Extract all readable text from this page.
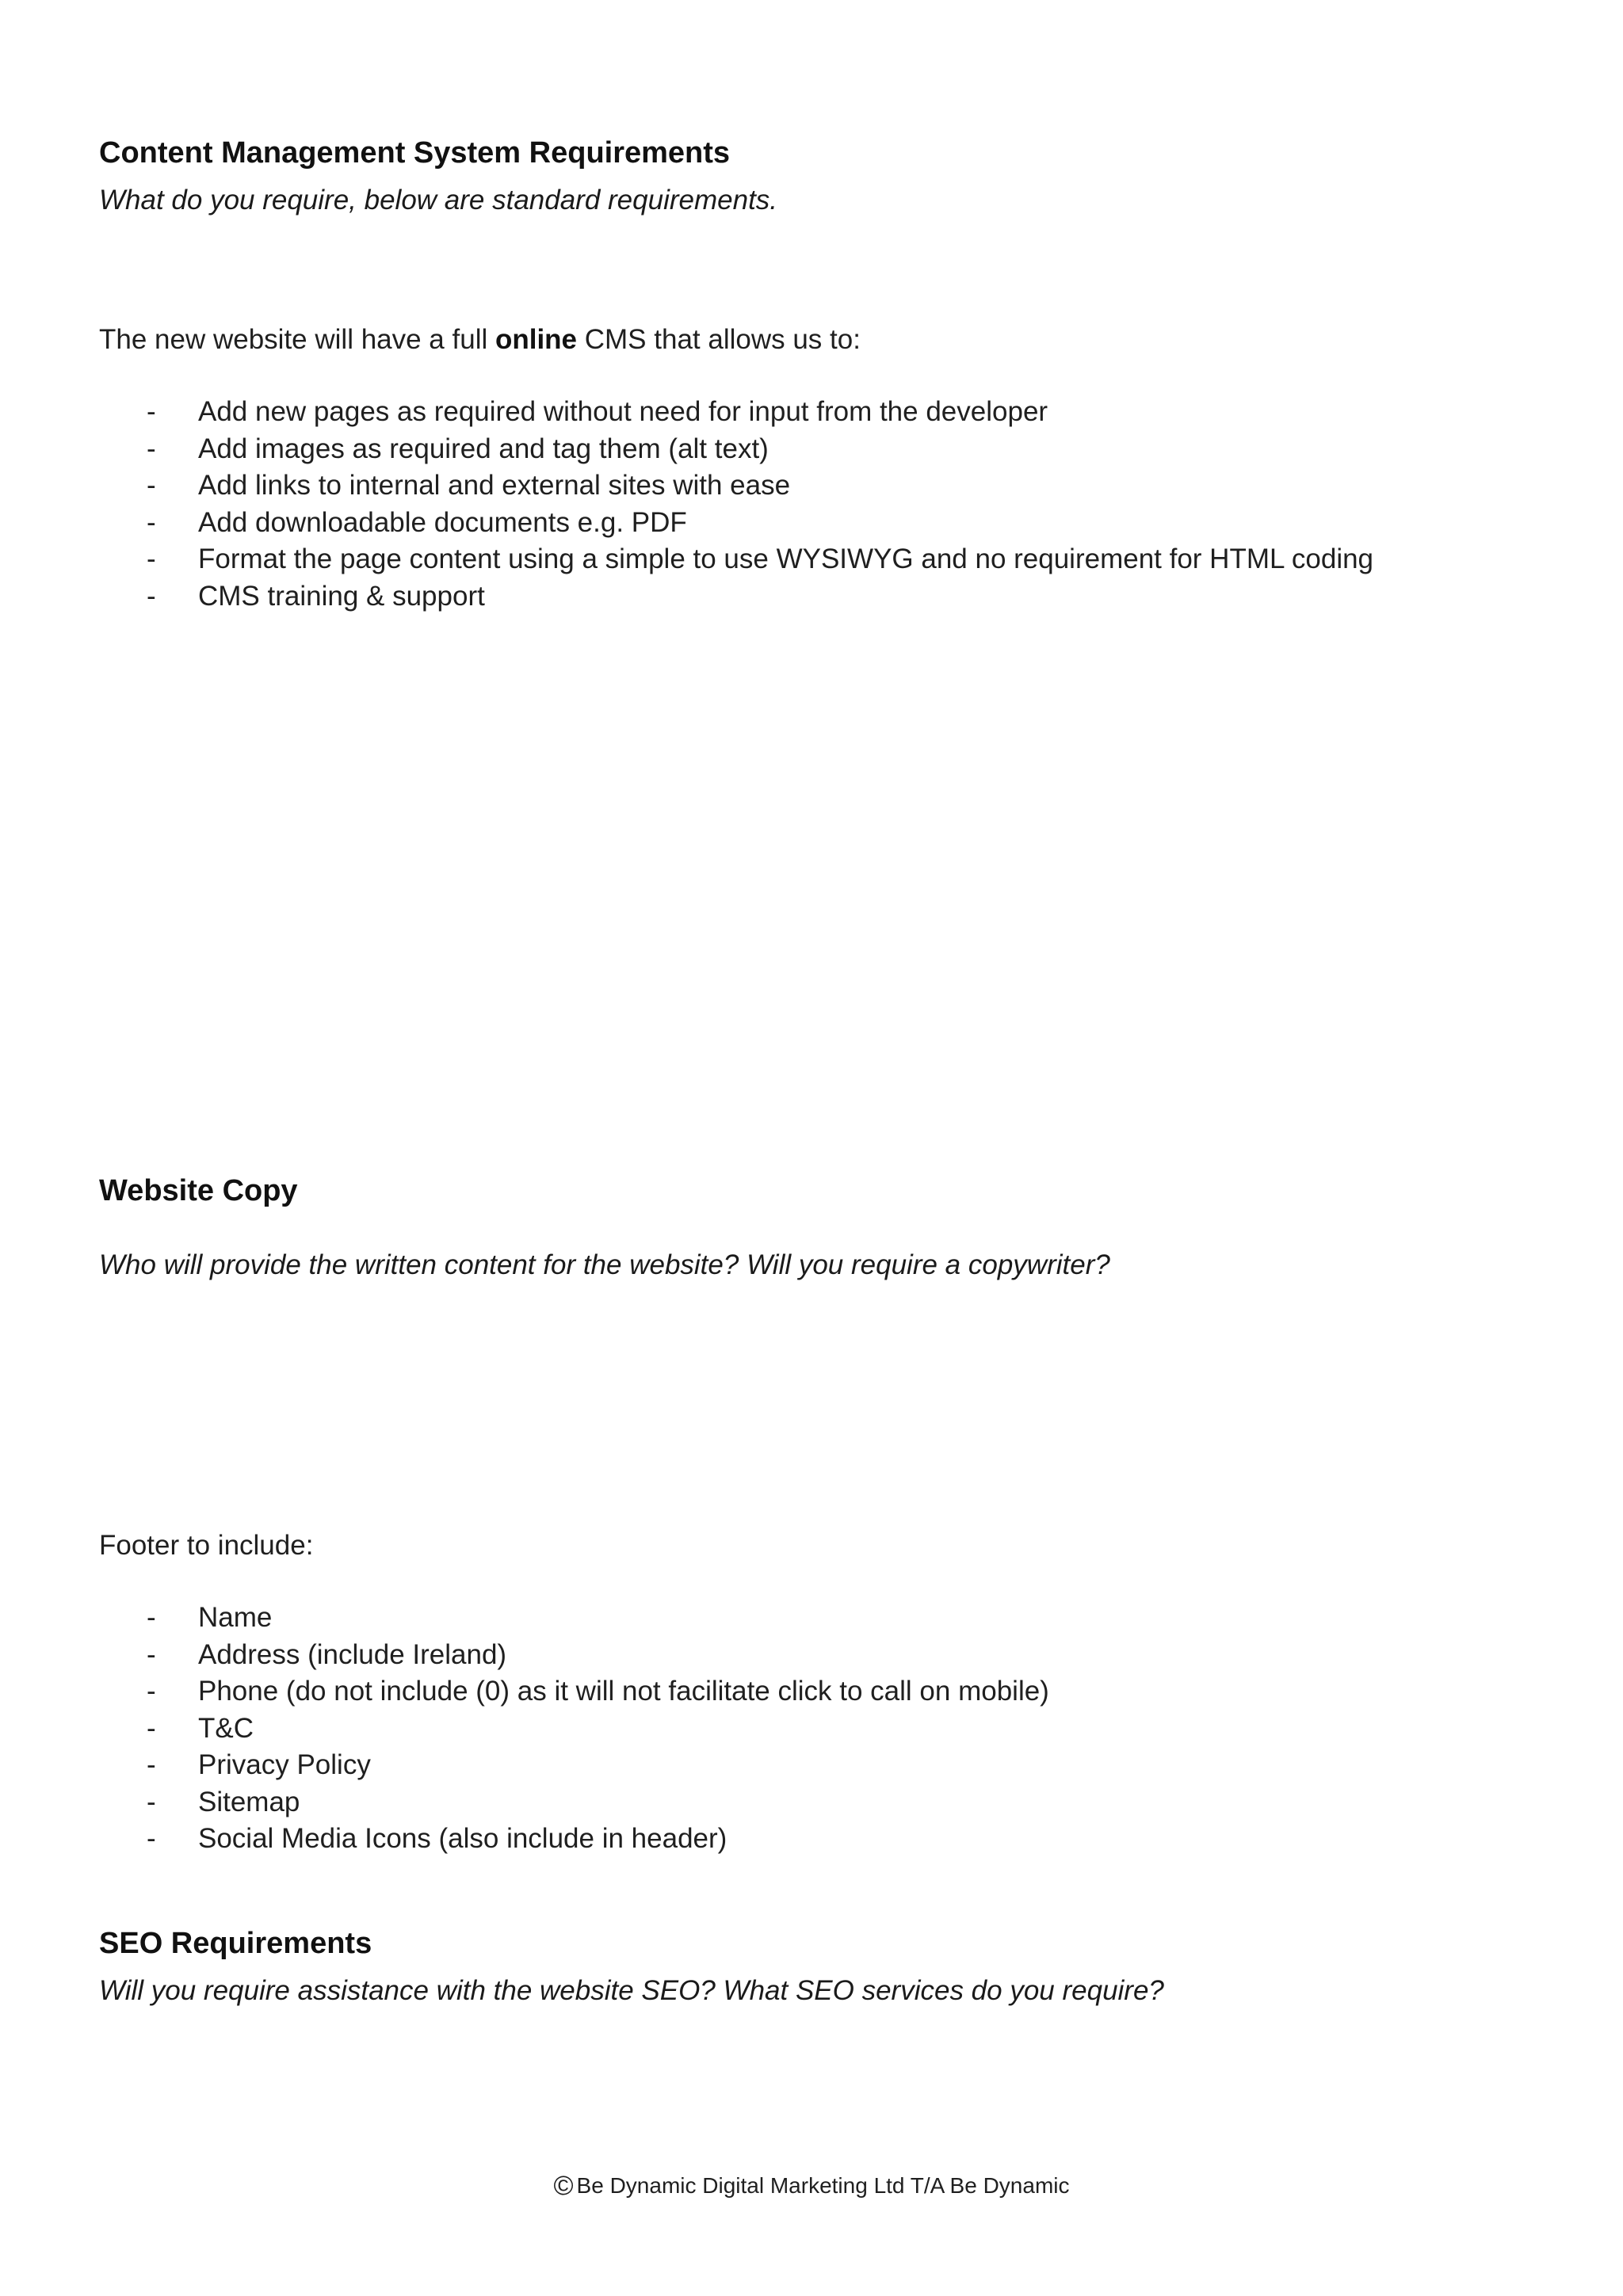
Content Management System Requirements

What do you require, below are standard requirements.

The new website will have a full online CMS that allows us to:

- Add new pages as required without need for input from the developer
- Add images as required and tag them (alt text)
- Add links to internal and external sites with ease
- Add downloadable documents e.g. PDF
- Format the page content using a simple to use WYSIWYG and no requirement for HTML coding
- CMS training & support
Website Copy

Who will provide the written content for the website? Will you require a copywriter?

Footer to include:

- Name
- Address (include Ireland)
- Phone (do not include (0) as it will not facilitate click to call on mobile)
- T&C
- Privacy Policy
- Sitemap
- Social Media Icons (also include in header)
SEO Requirements

Will you require assistance with the website SEO? What SEO services do you require?

© Be Dynamic Digital Marketing Ltd T/A Be Dynamic
